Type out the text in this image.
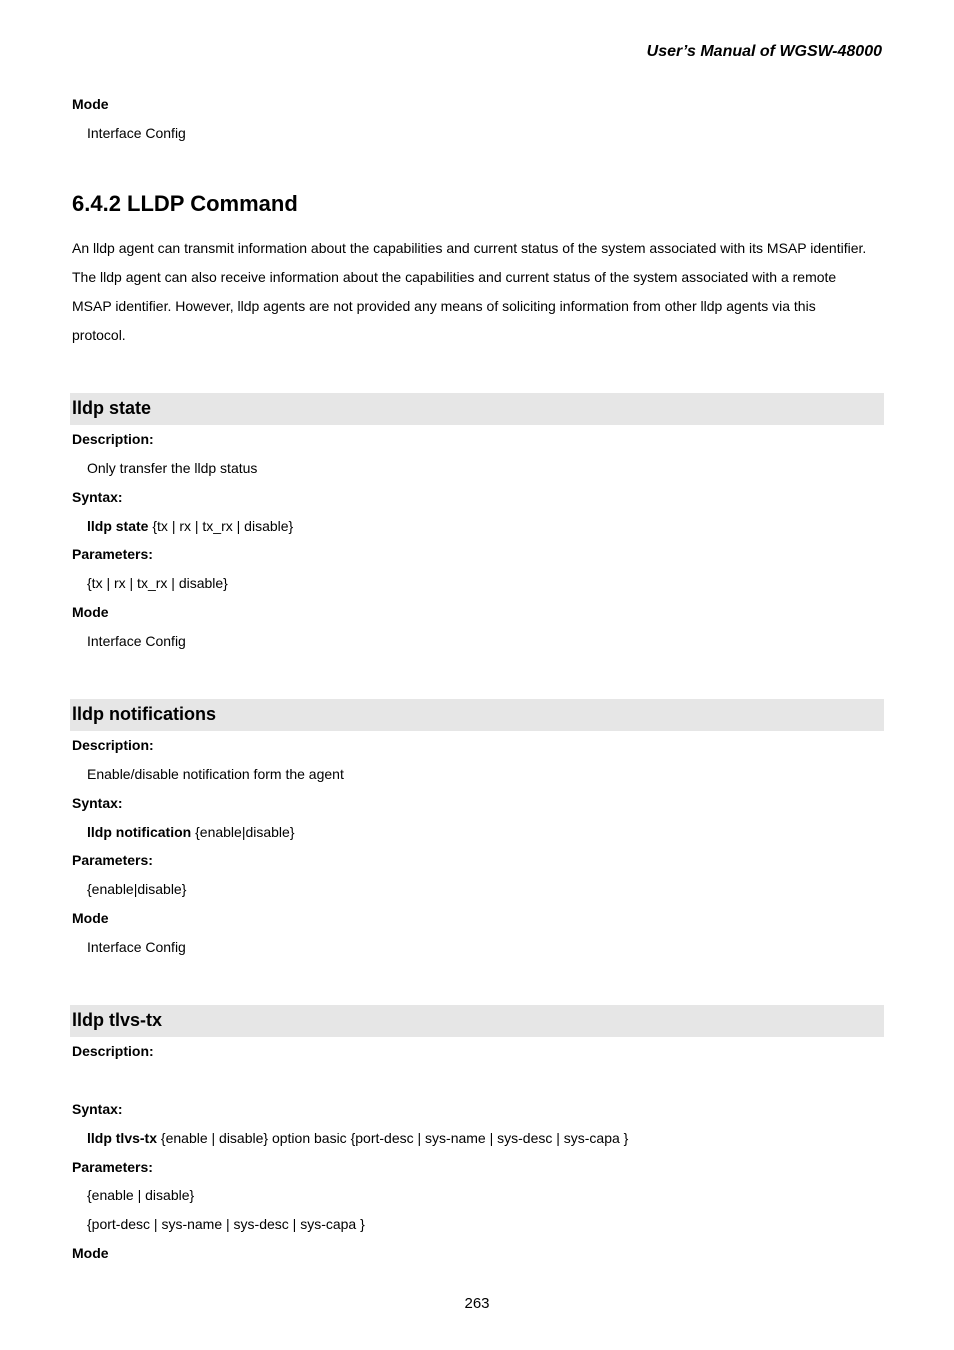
User’s Manual of WGSW-48000
Mode
Interface Config
6.4.2 LLDP Command

An lldp agent can transmit information about the capabilities and current status of the system associated with its MSAP identifier.

The lldp agent can also receive information about the capabilities and current status of the system associated with a remote

MSAP identifier. However, lldp agents are not provided any means of soliciting information from other lldp agents via this

protocol.

lldp state
Description:
Only transfer the lldp status
Syntax:
lldp state {tx | rx | tx_rx | disable}
Parameters:
{tx | rx | tx_rx | disable}
Mode
Interface Config
lldp notifications
Description:
Enable/disable notification form the agent
Syntax:
lldp notification {enable|disable}
Parameters:
{enable|disable}
Mode
Interface Config
lldp tlvs-tx
Description:
Syntax:
lldp tlvs-tx {enable | disable} option basic {port-desc | sys-name | sys-desc | sys-capa }
Parameters:
{enable | disable}
{port-desc | sys-name | sys-desc | sys-capa }
Mode
263
